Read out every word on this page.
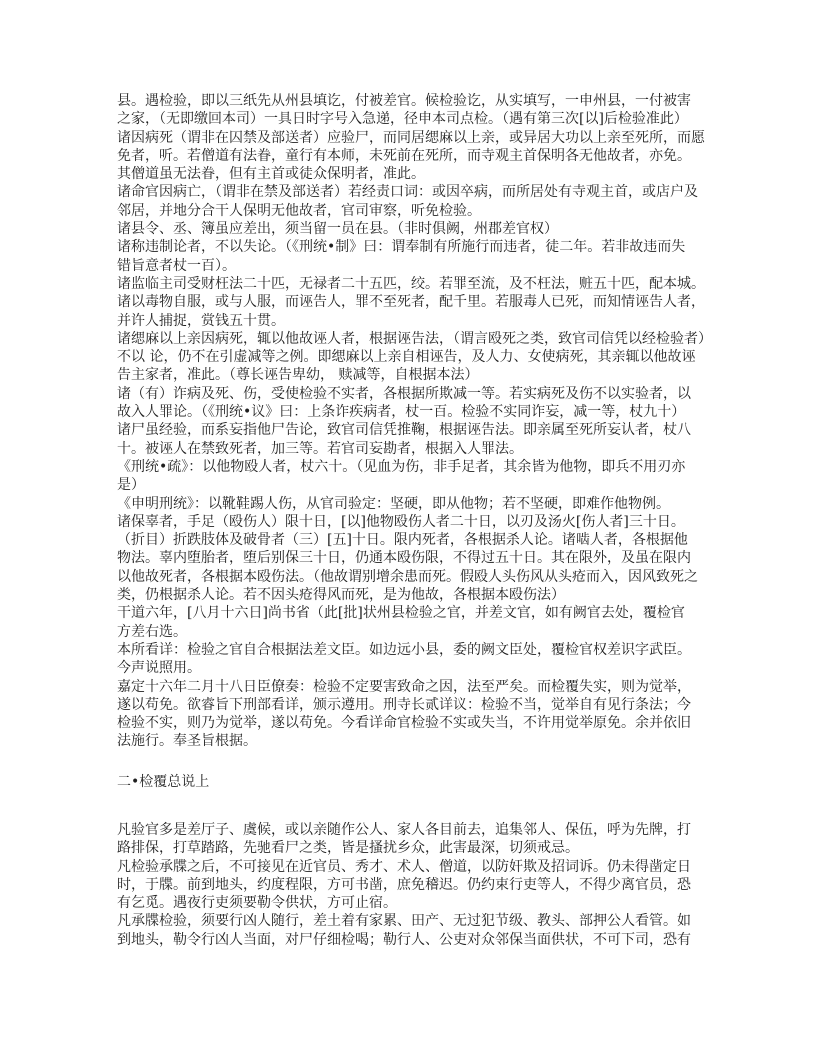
县。遇检验，即以三纸先从州县填讫，付被差官。候检验讫，从实填写，一申州县，一付被害
之家，（无即缴回本司）一具日时字号入急递，径申本司点检。（遇有第三次[以]后检验准此）
诸因病死（谓非在囚禁及部送者）应验尸，而同居缌麻以上亲，或异居大功以上亲至死所，而愿
免者，听。若僧道有法眷，童行有本师，未死前在死所，而寺观主首保明各无他故者，亦免。
其僧道虽无法眷，但有主首或徒众保明者，准此。
诸命官因病亡，（谓非在禁及部送者）若经责口词：或因卒病，而所居处有寺观主首，或店户及
邻居，并地分合干人保明无他故者，官司审察，听免检验。
诸县令、丞、簿虽应差出，须当留一员在县。（非时俱阙，州郡差官权）
诸称违制论者，不以失论。（《刑统•制》曰：谓奉制有所施行而违者，徒二年。若非故违而失
错旨意者杖一百）。
诸监临主司受财枉法二十匹，无禄者二十五匹，绞。若罪至流，及不枉法，赃五十匹，配本城。
诸以毒物自服，或与人服，而诬告人，罪不至死者，配千里。若服毒人已死，而知情诬告人者，
并许人捕捉，赏钱五十贯。
诸缌麻以上亲因病死，辄以他故诬人者，根据诬告法，（谓言殴死之类，致官司信凭以经检验者）
不以 论，仍不在引虚减等之例。即缌麻以上亲自相诬告，及人力、女使病死，其亲辄以他故诬
告主家者，准此。（尊长诬告卑幼， 赎减等，自根据本法）
诸（有）诈病及死、伤，受使检验不实者，各根据所欺减一等。若实病死及伤不以实验者，以
故入人罪论。（《刑统•议》曰：上条诈疾病者，杖一百。检验不实同诈妄，减一等，杖九十）
诸尸虽经验，而系妄指他尸告论，致官司信凭推鞠，根据诬告法。即亲属至死所妄认者，杖八
十。被诬人在禁致死者，加三等。若官司妄勘者，根据入人罪法。
《刑统•疏》：以他物殴人者，杖六十。（见血为伤，非手足者，其余皆为他物，即兵不用刃亦
是）
《申明刑统》：以靴鞋踢人伤，从官司验定：坚硬，即从他物；若不坚硬，即难作他物例。
诸保辜者，手足（殴伤人）限十日，[以]他物殴伤人者二十日，以刃及汤火[伤人者]三十日。
（折目）折跌肢体及破骨者（三）[五]十日。限内死者，各根据杀人论。诸啮人者，各根据他
物法。辜内堕胎者，堕后别保三十日，仍通本殴伤限，不得过五十日。其在限外，及虽在限内
以他故死者，各根据本殴伤法。（他故谓别增余患而死。假殴人头伤风从头疮而入，因风致死之
类，仍根据杀人论。若不因头疮得风而死，是为他故，各根据本殴伤法）
干道六年，[八月十六日]尚书省（此[批]状州县检验之官，并差文官，如有阙官去处，覆检官
方差右选。
本所看详：检验之官自合根据法差文臣。如边远小县，委的阙文臣处，覆检官权差识字武臣。
今声说照用。
嘉定十六年二月十八日臣僚奏：检验不定要害致命之因，法至严矣。而检覆失实，则为觉举，
遂以苟免。欲睿旨下刑部看详，颁示遵用。刑寺长贰详议：检验不当，觉举自有见行条法；今
检验不实，则乃为觉举，遂以苟免。今看详命官检验不实或失当，不许用觉举原免。余并依旧
法施行。奉圣旨根据。
二•检覆总说上
凡验官多是差厅子、虞候，或以亲随作公人、家人各目前去，追集邻人、保伍，呼为先牌，打
路排保，打草踏路，先驰看尸之类，皆是搔扰乡众，此害最深，切须戒忌。
凡检验承牒之后，不可接见在近官员、秀才、术人、僧道，以防奸欺及招词诉。仍未得凿定日
时，于牒。前到地头，约度程限，方可书凿，庶免稽迟。仍约束行吏等人，不得少离官员，恐
有乞觅。遇夜行吏须要勒令供状，方可止宿。
凡承牒检验，须要行凶人随行，差土着有家累、田产、无过犯节级、教头、部押公人看管。如
到地头，勒令行凶人当面，对尸仔细检喝；勒行人、公吏对众邻保当面供状，不可下司，恐有
